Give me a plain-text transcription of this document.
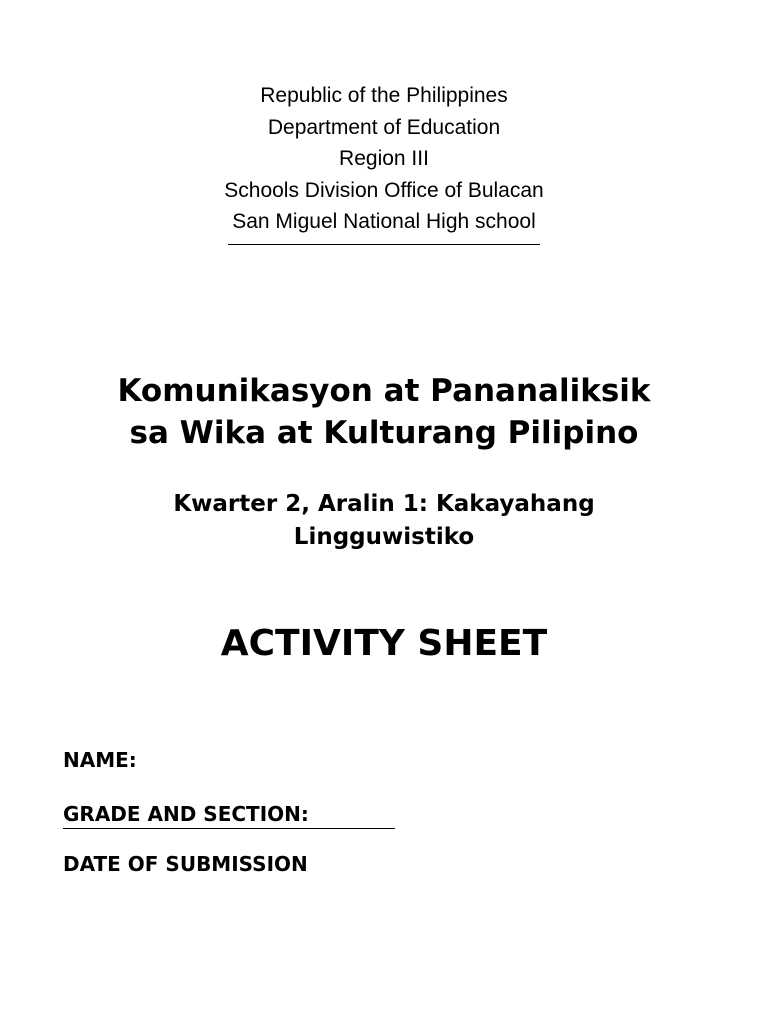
Republic of the Philippines
Department of Education
Region III
Schools Division Office of Bulacan
San Miguel National High school
Komunikasyon at Pananaliksik
sa Wika at Kulturang Pilipino
Kwarter 2, Aralin 1: Kakayahang
Lingguwistiko
ACTIVITY SHEET
NAME:
GRADE AND SECTION:
DATE OF SUBMISSION
